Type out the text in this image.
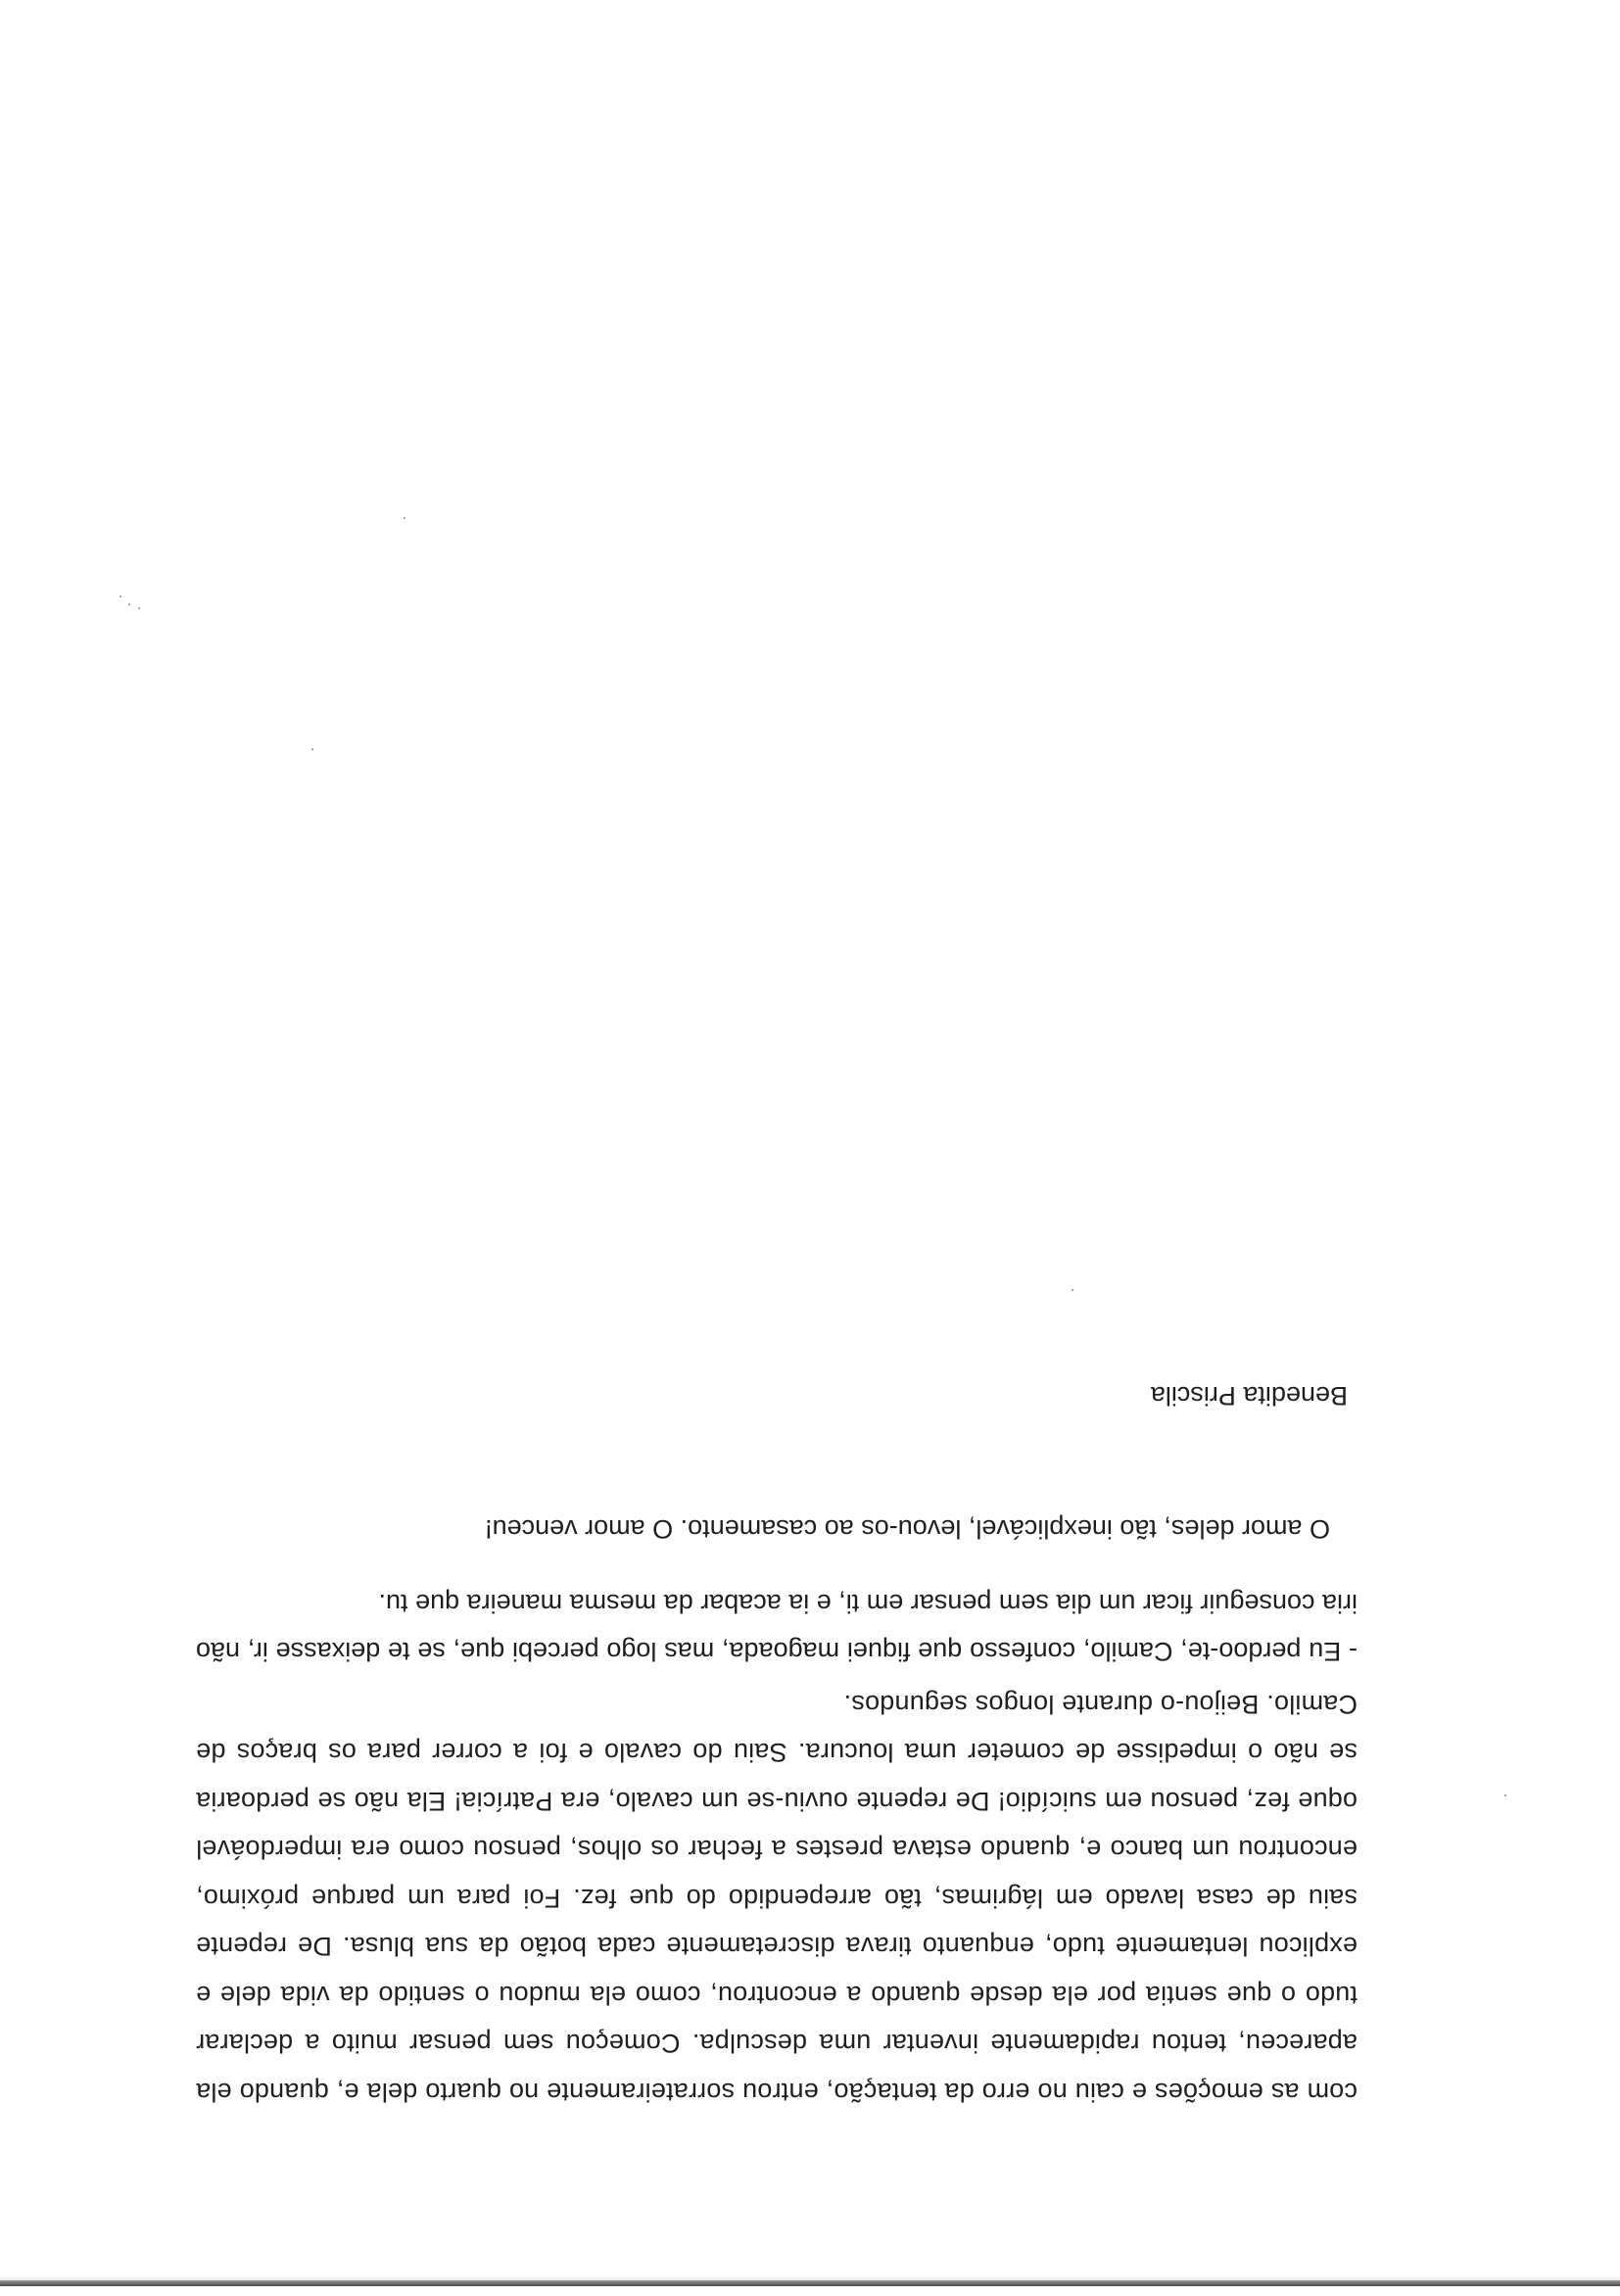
com as emoções e caiu no erro da tentação, entrou sorrateiramente no quarto dela e, quando ela apareceu, tentou rapidamente inventar uma desculpa. Começou sem pensar muito a declarar tudo o que sentia por ela desde quando a encontrou, como ela mudou o sentido da vida dele e explicou lentamente tudo, enquanto tirava discretamente cada botão da sua blusa. De repente saiu de casa lavado em lágrimas, tão arrependido do que fez. Foi para um parque próximo, encontrou um banco e, quando estava prestes a fechar os olhos, pensou como era imperdoável oque fez, pensou em suicídio! De repente ouviu-se um cavalo, era Patrícia! Ela não se perdoaria se não o impedisse de cometer uma loucura. Saiu do cavalo e foi a correr para os braços de Camilo. Beijou-o durante longos segundos.

- Eu perdoo-te, Camilo, confesso que fiquei magoada, mas logo percebi que, se te deixasse ir, não iria conseguir ficar um dia sem pensar em ti, e ia acabar da mesma maneira que tu.

O amor deles, tão inexplicável, levou-os ao casamento. O amor venceu!

Benedita Priscila
